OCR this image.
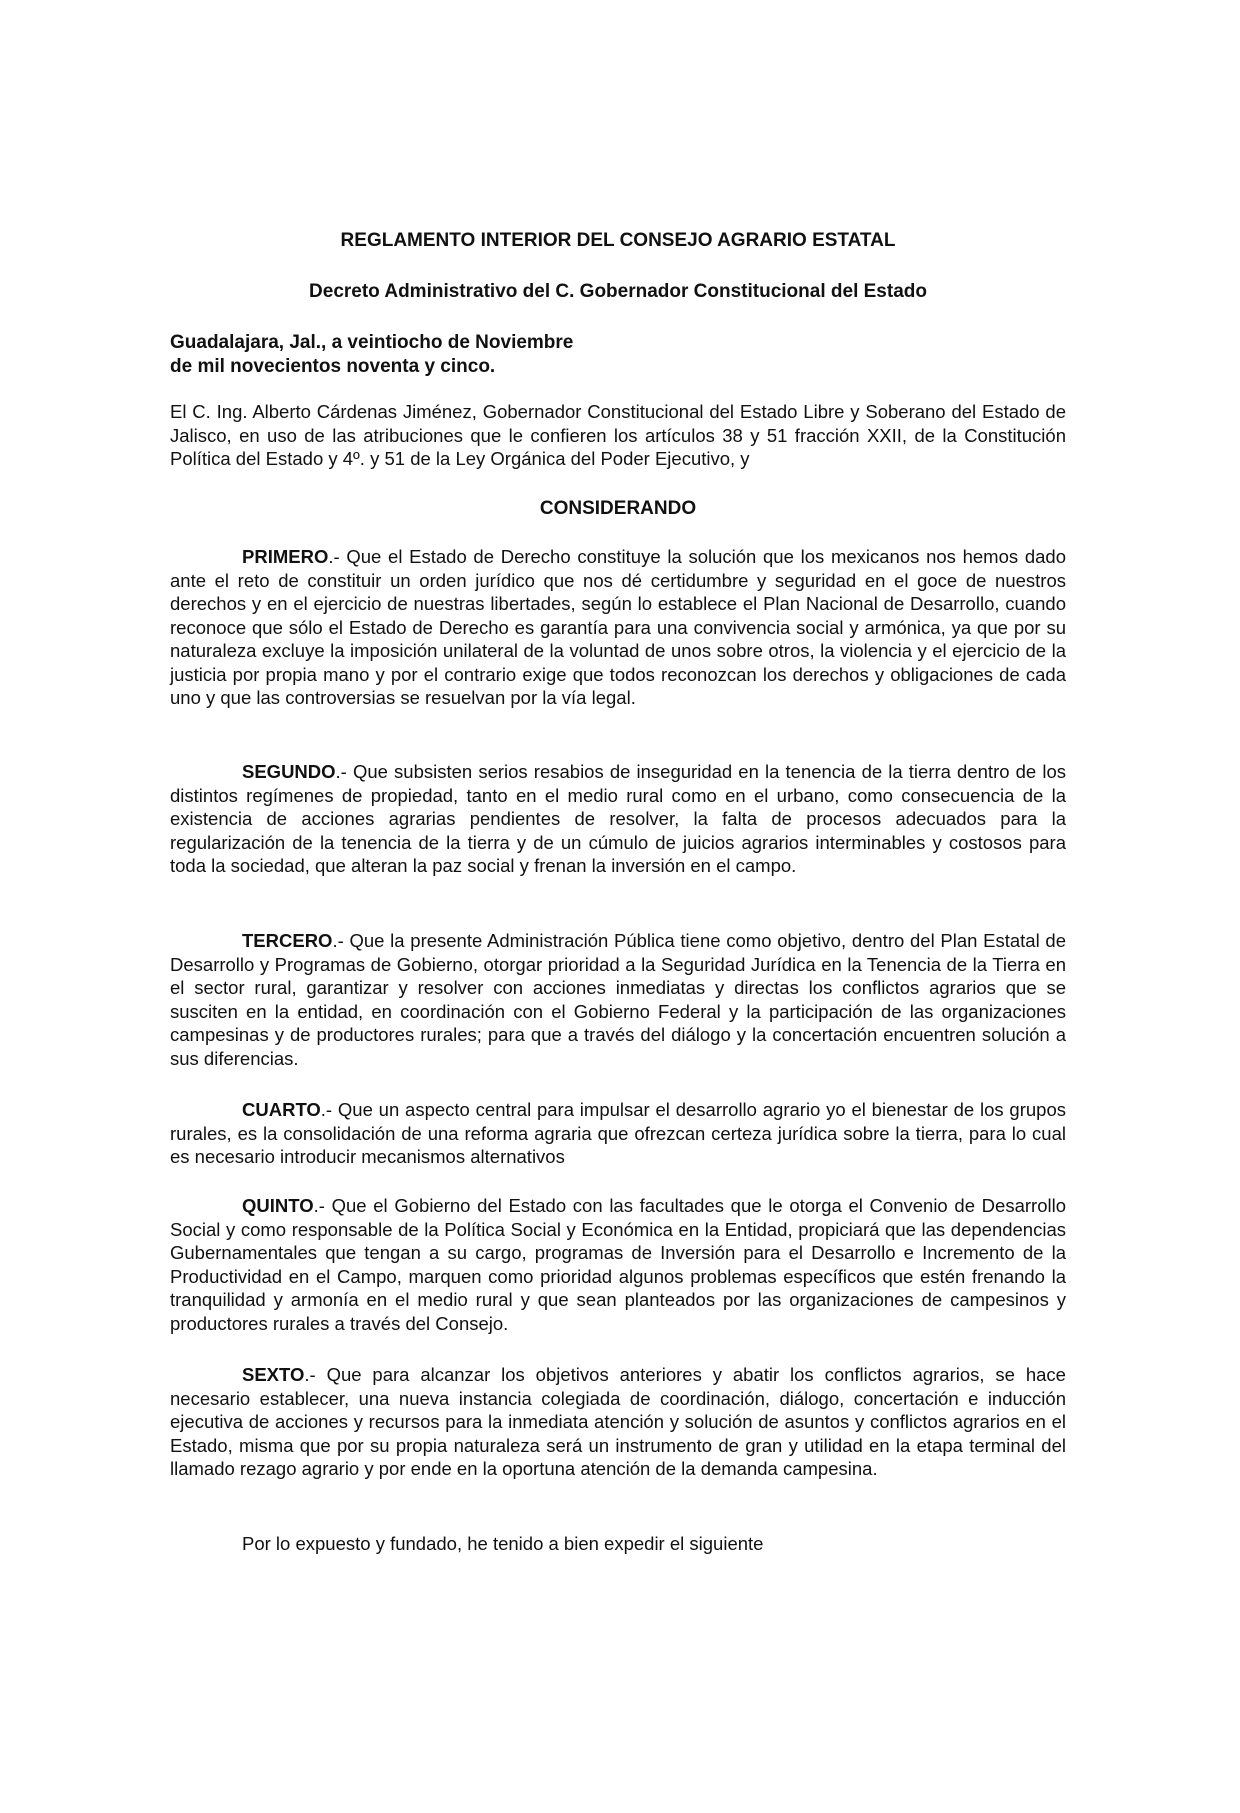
REGLAMENTO INTERIOR DEL CONSEJO AGRARIO ESTATAL
Decreto Administrativo del C. Gobernador Constitucional del Estado
Guadalajara, Jal., a veintiocho de Noviembre
de mil novecientos noventa y cinco.

El C. Ing. Alberto Cárdenas Jiménez, Gobernador Constitucional del Estado Libre y Soberano del Estado de Jalisco, en uso de las atribuciones que le confieren los artículos 38 y 51 fracción XXII, de la Constitución Política del Estado y 4º. y 51 de la Ley Orgánica del Poder Ejecutivo, y

CONSIDERANDO

PRIMERO.- Que el Estado de Derecho constituye la solución que los mexicanos nos hemos dado ante el reto de constituir un orden jurídico que nos dé certidumbre y seguridad en el goce de nuestros derechos y en el ejercicio de nuestras libertades, según lo establece el Plan Nacional de Desarrollo, cuando reconoce que sólo el Estado de Derecho es garantía para una convivencia social y armónica, ya que por su naturaleza excluye la imposición unilateral de la voluntad de unos sobre otros, la violencia y el ejercicio de la justicia por propia mano y por el contrario exige que todos reconozcan los derechos y obligaciones de cada uno y que las controversias se resuelvan por la vía legal.

SEGUNDO.- Que subsisten serios resabios de inseguridad en la tenencia de la tierra dentro de los distintos regímenes de propiedad, tanto en el medio rural como en el urbano, como consecuencia de la existencia de acciones agrarias pendientes de resolver, la falta de procesos adecuados para la regularización de la tenencia de la tierra y de un cúmulo de juicios agrarios interminables y costosos para toda la sociedad, que alteran la paz social y frenan la inversión en el campo.

TERCERO.- Que la presente Administración Pública tiene como objetivo, dentro del Plan Estatal de Desarrollo y Programas de Gobierno, otorgar prioridad a la Seguridad Jurídica en la Tenencia de la Tierra en el sector rural, garantizar y resolver con acciones inmediatas y directas los conflictos agrarios que se susciten en la entidad, en coordinación con el Gobierno Federal y la participación de las organizaciones campesinas y de productores rurales; para que a través del diálogo y la concertación encuentren solución a sus diferencias.

CUARTO.- Que un aspecto central para impulsar el desarrollo agrario yo el bienestar de los grupos rurales, es la consolidación de una reforma agraria que ofrezcan certeza jurídica sobre la tierra, para lo cual es necesario introducir mecanismos alternativos

QUINTO.- Que el Gobierno del Estado con las facultades que le otorga el Convenio de Desarrollo Social y como responsable de la Política Social y Económica en la Entidad, propiciará que las dependencias Gubernamentales que tengan a su cargo, programas de Inversión para el Desarrollo e Incremento de la Productividad en el Campo, marquen como prioridad algunos problemas específicos que estén frenando la tranquilidad y armonía en el medio rural y que sean planteados por las organizaciones de campesinos y productores rurales a través del Consejo.

SEXTO.- Que para alcanzar los objetivos anteriores y abatir los conflictos agrarios, se hace necesario establecer, una nueva instancia colegiada de coordinación, diálogo, concertación e inducción ejecutiva de acciones y recursos para la inmediata atención y solución de asuntos y conflictos agrarios en el Estado, misma que por su propia naturaleza será un instrumento de gran y utilidad en la etapa terminal del llamado rezago agrario y por ende en la oportuna atención de la demanda campesina.

Por lo expuesto y fundado, he tenido a bien expedir el siguiente
